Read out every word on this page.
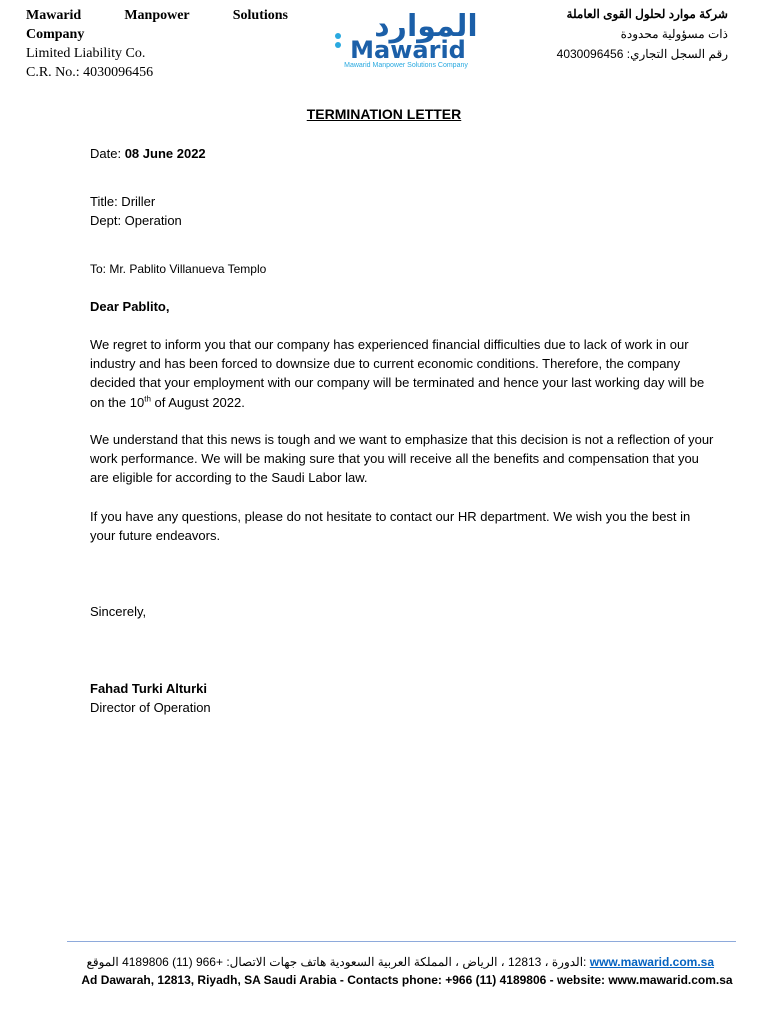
Mawarid	Manpower	Solutions
Company
Limited Liability Co.
C.R. No.: 4030096456
الموارد
Mawarid
Mawarid Manpower Solutions Company
شركة موارد لحلول القوى العاملة
ذات مسؤولية محدودة
رقم السجل التجاري: 4030096456
TERMINATION LETTER
Date: 08 June 2022
Title: Driller
Dept: Operation
To: Mr. Pablito Villanueva Templo
Dear Pablito,
We regret to inform you that our company has experienced financial difficulties due to lack of work in our industry and has been forced to downsize due to current economic conditions. Therefore, the company decided that your employment with our company will be terminated and hence your last working day will be on the 10th of August 2022.
We understand that this news is tough and we want to emphasize that this decision is not a reflection of your work performance. We will be making sure that you will receive all the benefits and compensation that you are eligible for according to the Saudi Labor law.
If you have any questions, please do not hesitate to contact our HR department. We wish you the best in your future endeavors.
Sincerely,
Fahad Turki Alturki
Director of Operation
www.mawarid.com.sa :الدورة ، 12813 ، الرياض ، المملكة العربية السعودية هاتف جهات الاتصال: +966 (11) 4189806 الموقع
Ad Dawarah, 12813, Riyadh, SA Saudi Arabia - Contacts phone: +966 (11) 4189806 - website: www.mawarid.com.sa
